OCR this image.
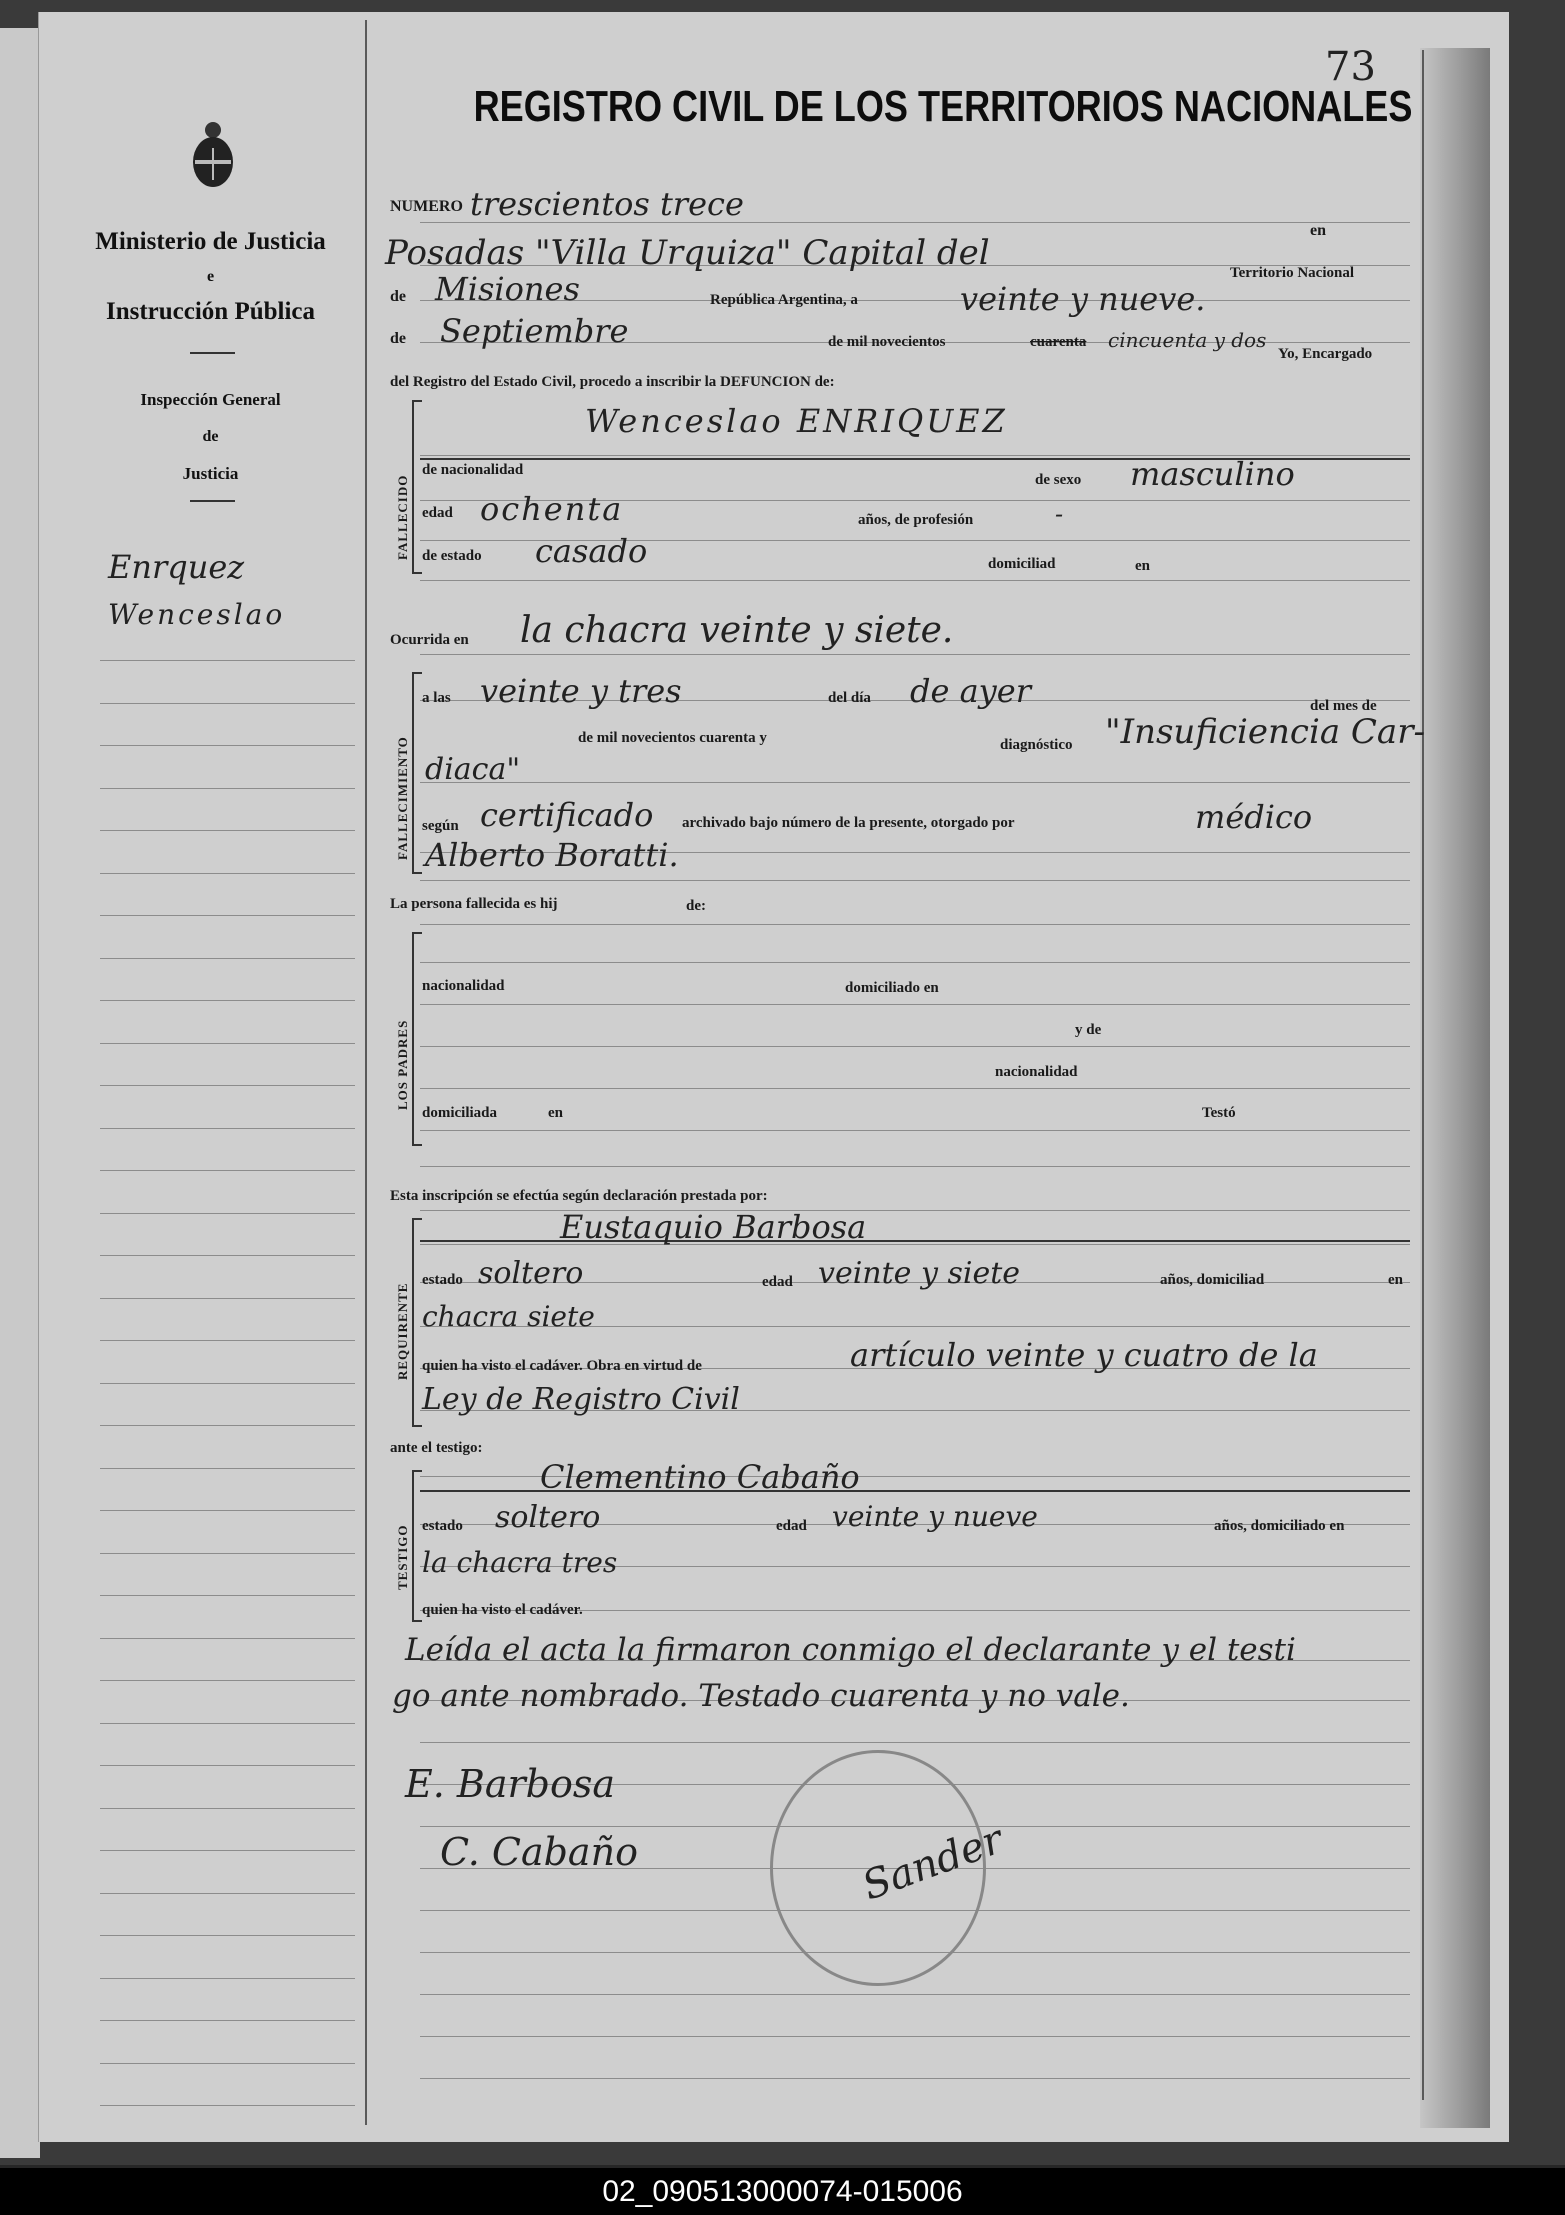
Ministerio de Justicia
e
Instrucción Pública
Inspección General
de
Justicia
Enrquez
Wenceslao
REGISTRO CIVIL DE LOS TERRITORIOS NACIONALES
73
NUMERO trescientos trece
en
Posadas "Villa Urquiza" Capital del	Territorio Nacional
de Misiones	República Argentina, a	veinte y nueve.
de Septiembre	de mil novecientos	cuarenta cincuenta y dos
Yo, Encargado
del Registro del Estado Civil, procedo a inscribir la DEFUNCION de:
FALLECIDO
Wenceslao ENRIQUEZ
de nacionalidad
de sexo masculino
edad ochenta	años, de profesión	-
de estado casado	domiciliad	en
Ocurrida en la chacra veinte y siete.
FALLECIMIENTO
a las veinte y tres	del día de ayer	del mes de
de mil novecientos cuarenta y	diagnóstico "Insuficiencia Car-
diaca"
según certificado archivado bajo número de la presente, otorgado por	médico
Alberto Boratti.
La persona fallecida es hij	de:
LOS PADRES
nacionalidad	domiciliado en
y de
nacionalidad
domiciliada	en	Testó
Esta inscripción se efectúa según declaración prestada por:
REQUIRENTE
Eustaquio Barbosa
estado soltero	edad veinte y siete	años, domiciliad	en
chacra siete
quien ha visto el cadáver. Obra en virtud de	artículo veinte y cuatro de la
Ley de Registro Civil
ante el testigo:
TESTIGO
Clementino Cabaño
estado soltero	edad veinte y nueve	años, domiciliado en
la chacra tres
quien ha visto el cadáver.
Leída el acta la firmaron conmigo el declarante y el testi
go ante nombrado. Testado cuarenta y no vale.
E. Barbosa
C. Cabaño	Sander
02_090513000074-015006
